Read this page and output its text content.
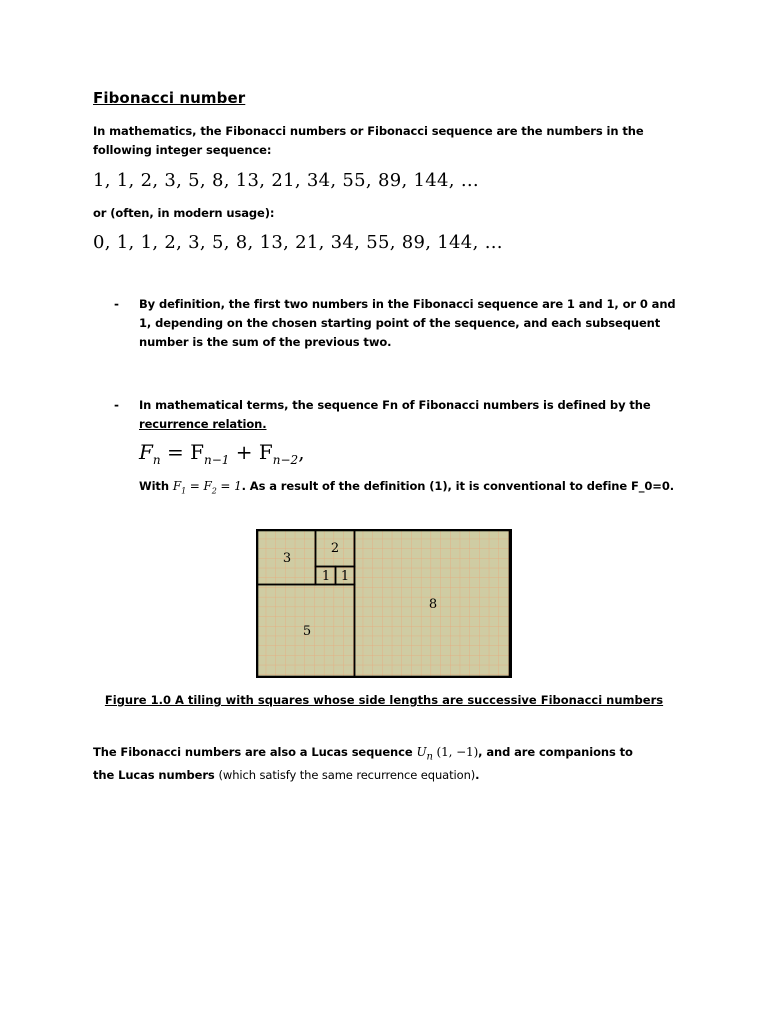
Fibonacci number
In mathematics, the Fibonacci numbers or Fibonacci sequence are the numbers in the following integer sequence:
1, 1, 2, 3, 5, 8, 13, 21, 34, 55, 89, 144, …
or (often, in modern usage):
0, 1, 1, 2, 3, 5, 8, 13, 21, 34, 55, 89, 144, …
- By definition, the first two numbers in the Fibonacci sequence are 1 and 1, or 0 and 1, depending on the chosen starting point of the sequence, and each subsequent number is the sum of the previous two.
- In mathematical terms, the sequence Fn of Fibonacci numbers is defined by the recurrence relation.
$F_n = F_{n-1} + F_{n-2}$,
With $F_1 = F_2 = 1$. As a result of the definition (1), it is conventional to define F_0=0.
3
2
1 1
5
8
Figure 1.0 A tiling with squares whose side lengths are successive Fibonacci numbers
The Fibonacci numbers are also a Lucas sequence $U_n$ (1, −1), and are companions to the Lucas numbers (which satisfy the same recurrence equation).
